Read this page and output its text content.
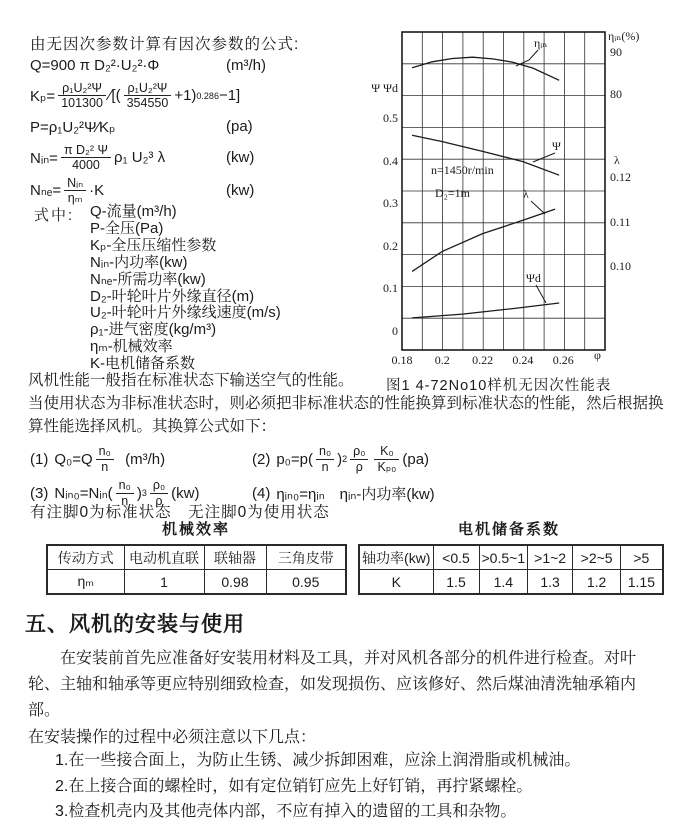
由无因次参数计算有因次参数的公式:
Q=900 π D₂²·U₂²·Φ	(m³/h)
$K_p= \frac{\text{ρ₁U₂²Ψ}}{101300}$ ∕[( $\frac{\text{ρ₁U₂²Ψ}}{354550} +1$) 0.286 −1]
P=ρ₁U₂²Ψ∕Kₚ	(pa)
Nᵢₙ= $\frac{\text{π D₂² Ψ}}{4000} \rho_1$ U₂³ λ	(kw)
$N_{ne}= \frac{\text{Nᵢₙ}}{\text{ηₘ}} \cdot K$	(kw)
式中: Q-流量(m³/h)
P-全压(Pa)
Kₚ-全压压缩性参数
Nᵢₙ-内功率(kw)
Nₙₑ-所需功率(kw)
D₂-叶轮叶片外缘直径(m)
U₂-叶轮叶片外缘线速度(m/s)
ρ₁-进气密度(kg/m³)
ηₘ-机械效率
K-电机储备系数
Ψ Ψd
ηᵢₙ(%)
λ
φ
0.5
0.4
0.3
0.2
0.1
0
90
80
0.12
0.11
0.10
0.18	0.2	0.22	0.24	0.26
n=1450r/min
D₂=1m
ηᵢₙ
Ψ
λ
Ψd
图1 4-72No10样机无因次性能表
风机性能一般指在标准状态下输送空气的性能。
当使用状态为非标准状态时，则必须把非标准状态的性能换算到标准状态的性能，然后根据换
算性能选择风机。其换算公式如下：
(1) $Q_0=Q \frac{\text{n₀}}{n} (m^3/h)$	(2) $p_0=p( \frac{\text{n₀}}{n}$ ) $2 \frac{\text{ρ₀}}{\rho} \frac{\text{K₀}}{\text{Kₚ₀}} (pa)$
(3) Nᵢₙ₀=Nᵢₙ( $\frac{\text{n₀}}{n}$ ) $3 \frac{\text{ρ₀}}{\rho} (kw)$	(4) ηᵢₙ₀=ηᵢₙ　ηᵢₙ-内功率(kw)
有注脚0为标准状态　无注脚0为使用状态
机械效率	电机储备系数
传动方式	电动机直联	联轴器	三角皮带
ηₘ	1	0.98	0.95
轴功率(kw)	<0.5	>0.5~1	>1~2	>2~5	>5
K	1.5	1.4	1.3	1.2	1.15
五、风机的安装与使用
在安装前首先应准备好安装用材料及工具，并对风机各部分的机件进行检查。对叶
轮、主轴和轴承等更应特别细致检查，如发现损伤、应该修好、然后煤油清洗轴承箱内
部。
在安装操作的过程中必须注意以下几点：
1.在一些接合面上，为防止生锈、减少拆卸困难，应涂上润滑脂或机械油。
2.在上接合面的螺栓时，如有定位销钉应先上好钉销，再拧紧螺栓。
3.检查机壳内及其他壳体内部，不应有掉入的遗留的工具和杂物。
